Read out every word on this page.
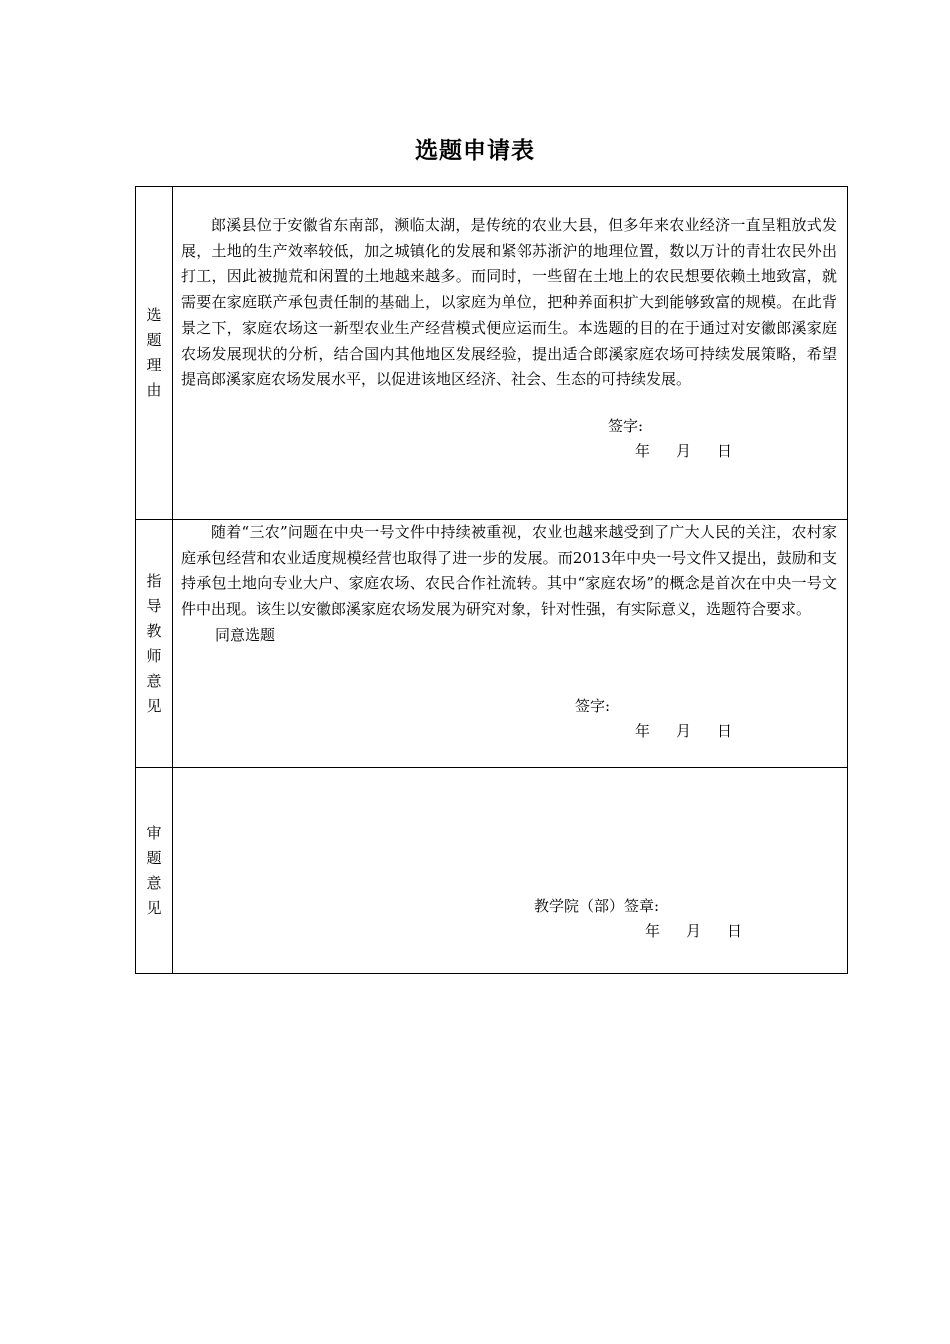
选题申请表
选题理由	郎溪县位于安徽省东南部，濒临太湖，是传统的农业大县，但多年来农业经济一直呈粗放式发展，土地的生产效率较低，加之城镇化的发展和紧邻苏浙沪的地理位置，数以万计的青壮农民外出打工，因此被抛荒和闲置的土地越来越多。而同时，一些留在土地上的农民想要依赖土地致富，就需要在家庭联产承包责任制的基础上，以家庭为单位，把种养面积扩大到能够致富的规模。在此背景之下，家庭农场这一新型农业生产经营模式便应运而生。本选题的目的在于通过对安徽郎溪家庭农场发展现状的分析，结合国内其他地区发展经验，提出适合郎溪家庭农场可持续发展策略，希望提高郎溪家庭农场发展水平，以促进该地区经济、社会、生态的可持续发展。

签字:
年 月 日

指导教师意见	随着“三农”问题在中央一号文件中持续被重视，农业也越来越受到了广大人民的关注，农村家庭承包经营和农业适度规模经营也取得了进一步的发展。而2013年中央一号文件又提出，鼓励和支持承包土地向专业大户、家庭农场、农民合作社流转。其中“家庭农场”的概念是首次在中央一号文件中出现。该生以安徽郎溪家庭农场发展为研究对象，针对性强，有实际意义，选题符合要求。

同意选题

签字:
年 月 日

审题意见	教学院（部）签章:
年 月 日
